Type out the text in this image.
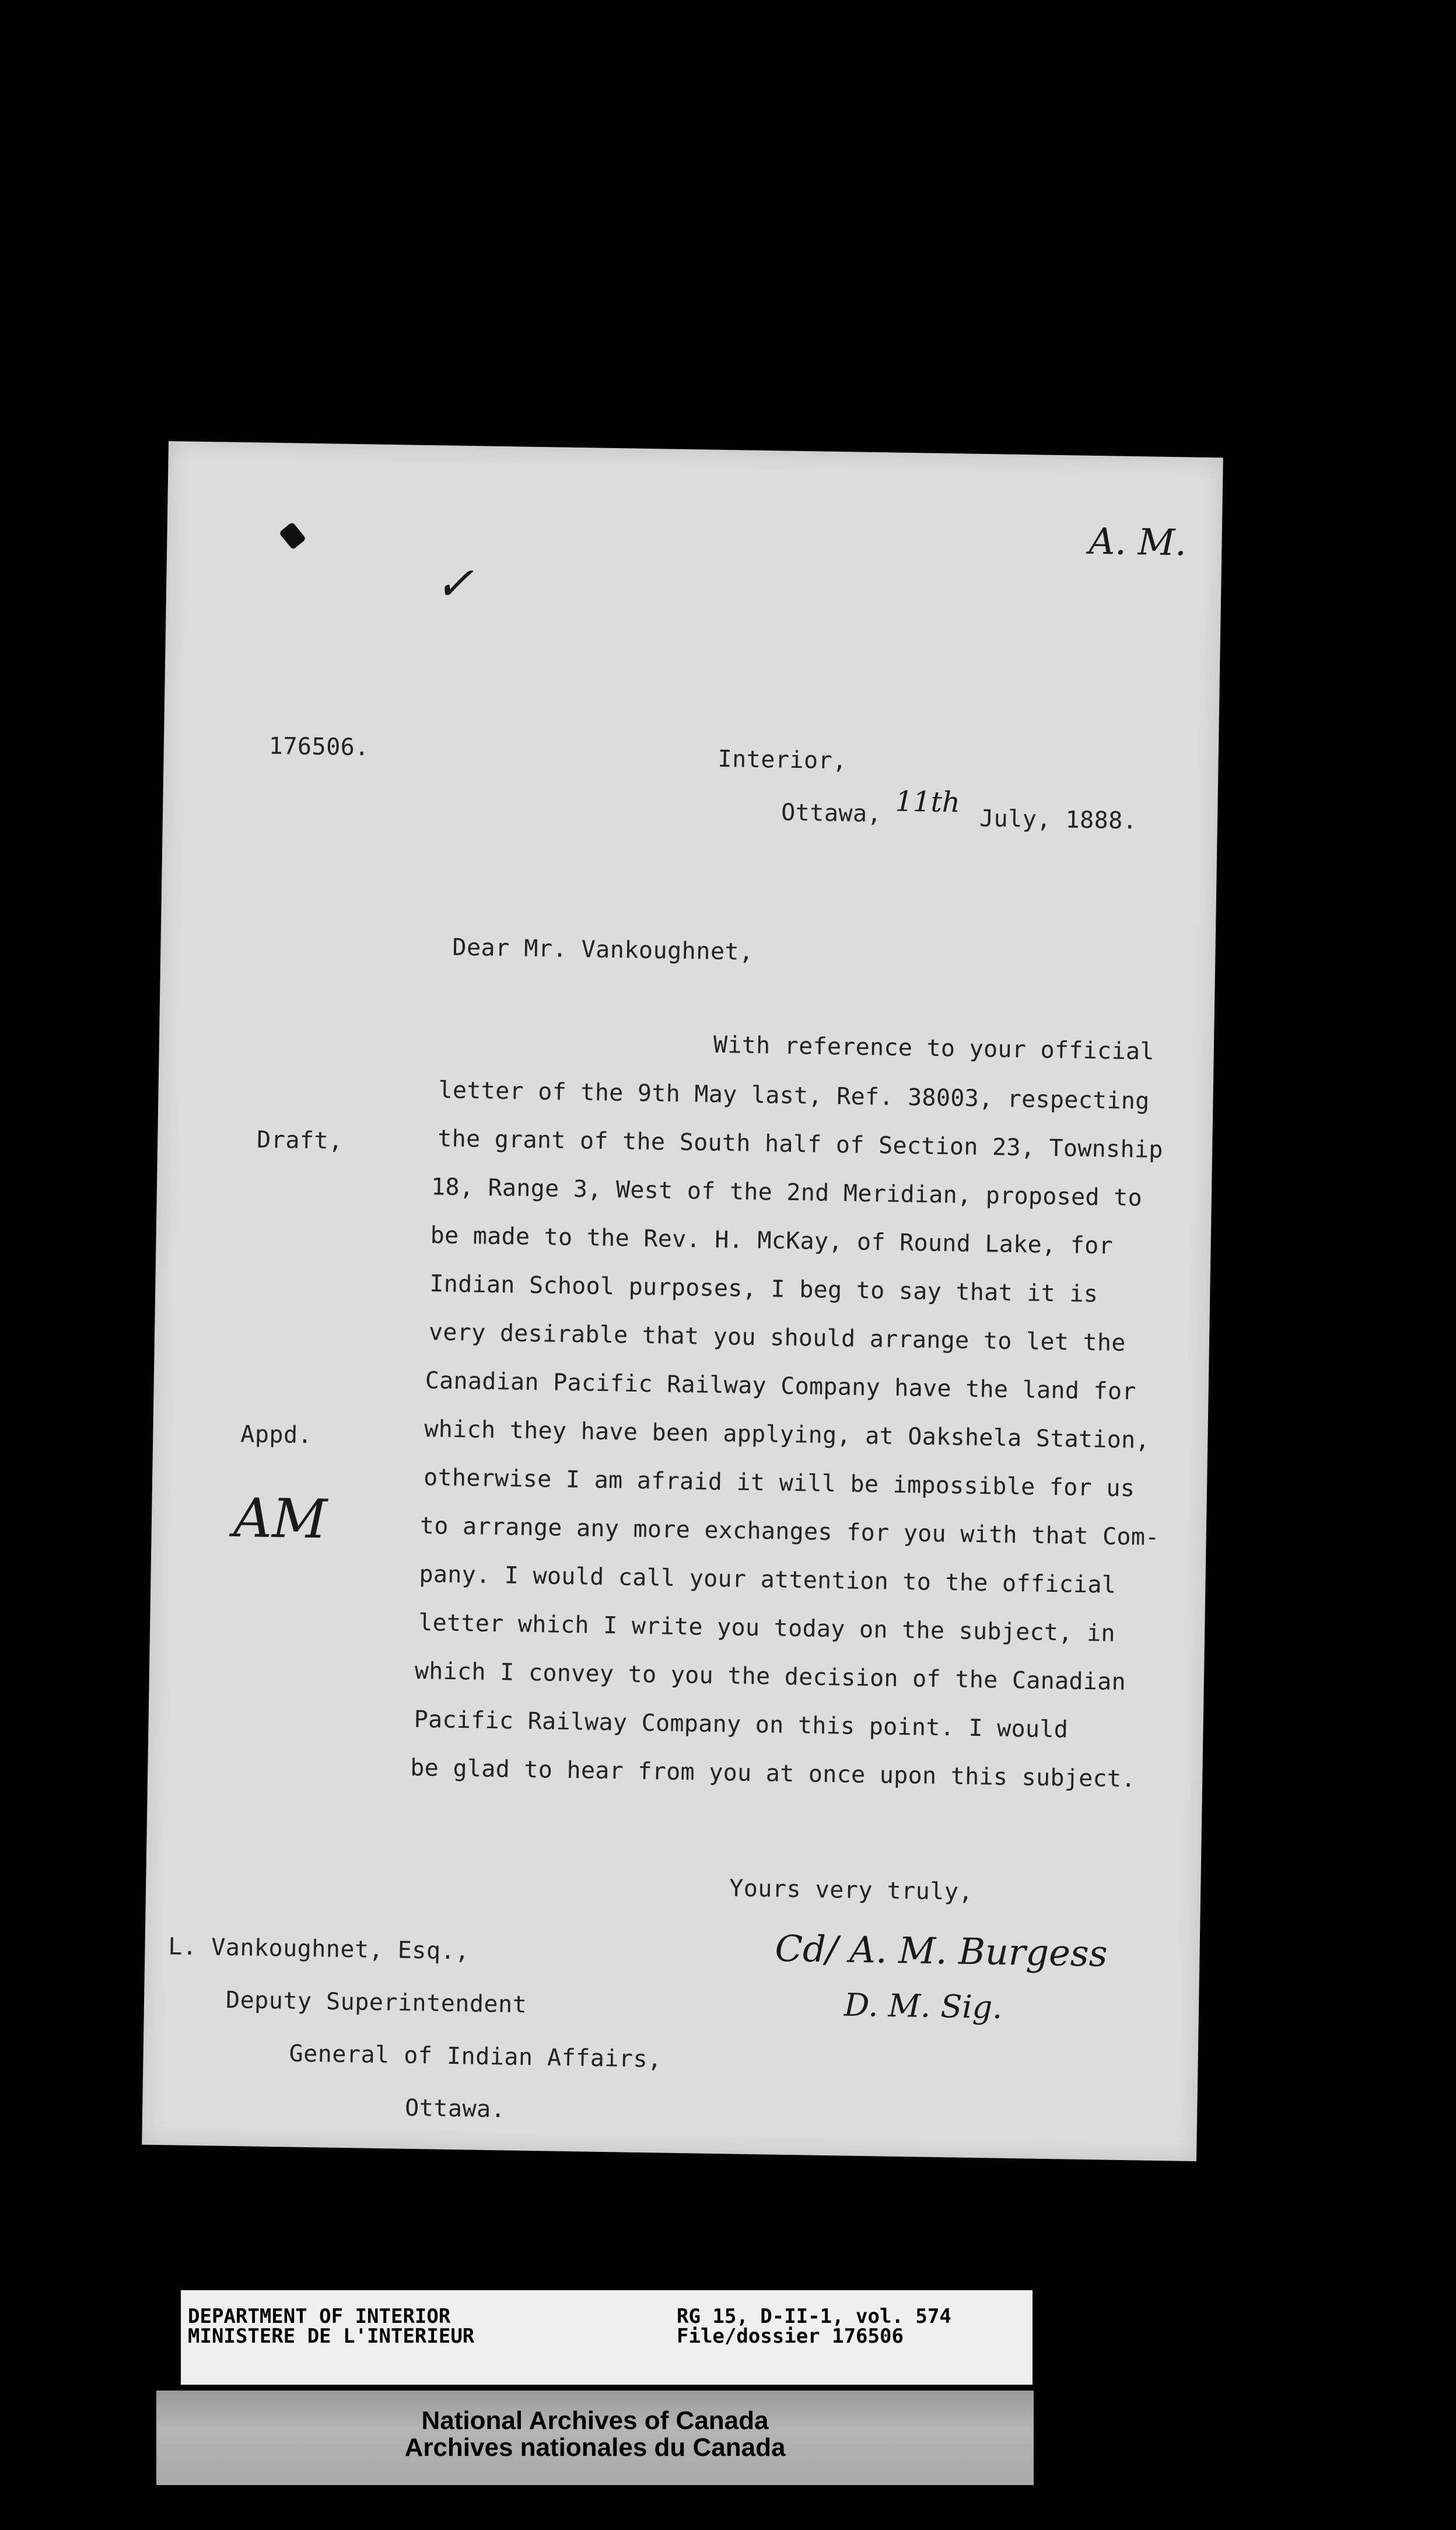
A. M.
✓
176506.	Interior,
Ottawa, 11th
July, 1888.
Dear Mr. Vankoughnet,
Draft,
Appd.
AM
With reference to your official
letter of the 9th May last, Ref. 38003, respecting
the grant of the South half of Section 23, Township
18, Range 3, West of the 2nd Meridian, proposed to
be made to the Rev. H. McKay, of Round Lake, for
Indian School purposes, I beg to say that it is
very desirable that you should arrange to let the
Canadian Pacific Railway Company have the land for
which they have been applying, at Oakshela Station,
otherwise I am afraid it will be impossible for us
to arrange any more exchanges for you with that Com-
pany. I would call your attention to the official
letter which I write you today on the subject, in
which I convey to you the decision of the Canadian
Pacific Railway Company on this point. I would
be glad to hear from you at once upon this subject.
Yours very truly,
Cd/ A. M. Burgess
D. M. Sig.
L. Vankoughnet, Esq.,
Deputy Superintendent
General of Indian Affairs,
Ottawa.
DEPARTMENT OF INTERIOR
MINISTERE DE L'INTERIEUR
RG 15, D-II-1, vol. 574
File/dossier 176506
National Archives of Canada
Archives nationales du Canada
